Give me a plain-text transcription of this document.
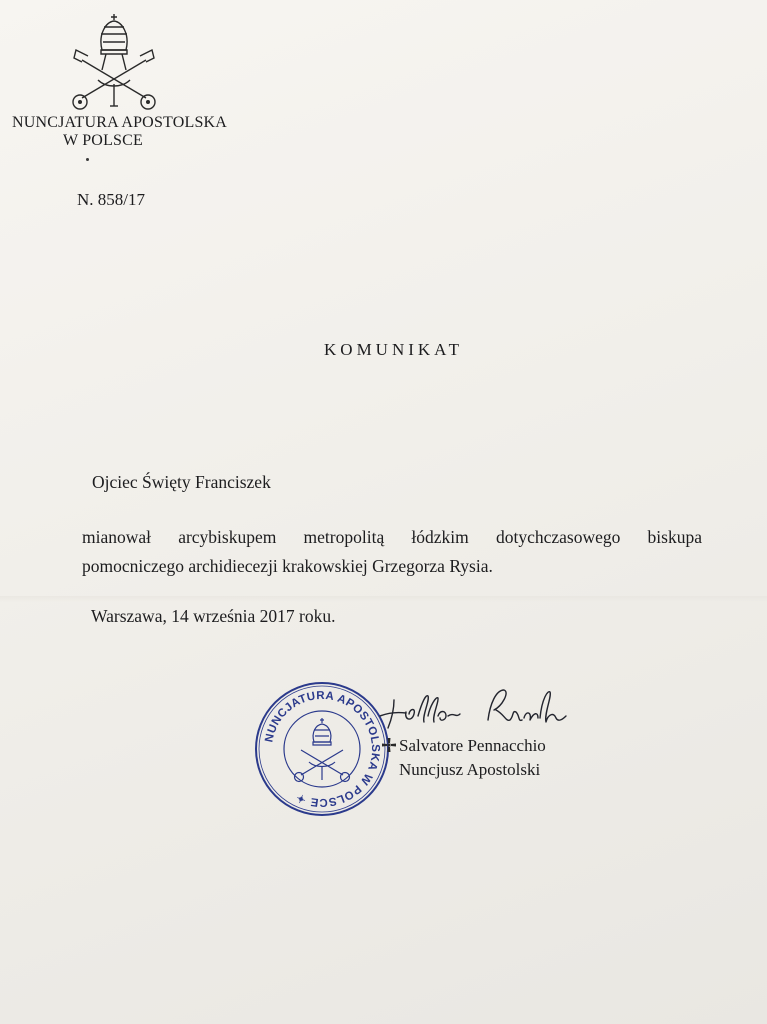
NUNCJATURA APOSTOLSKA
W POLSCE
N. 858/17
KOMUNIKAT
Ojciec Święty Franciszek
mianował arcybiskupem metropolitą łódzkim dotychczasowego biskupa
pomocniczego archidiecezji krakowskiej Grzegorza Rysia.
Warszawa, 14 września 2017 roku.
NUNCJATURA APOSTOLSKA W POLSCE ✦
Salvatore Pennacchio
Nuncjusz Apostolski
